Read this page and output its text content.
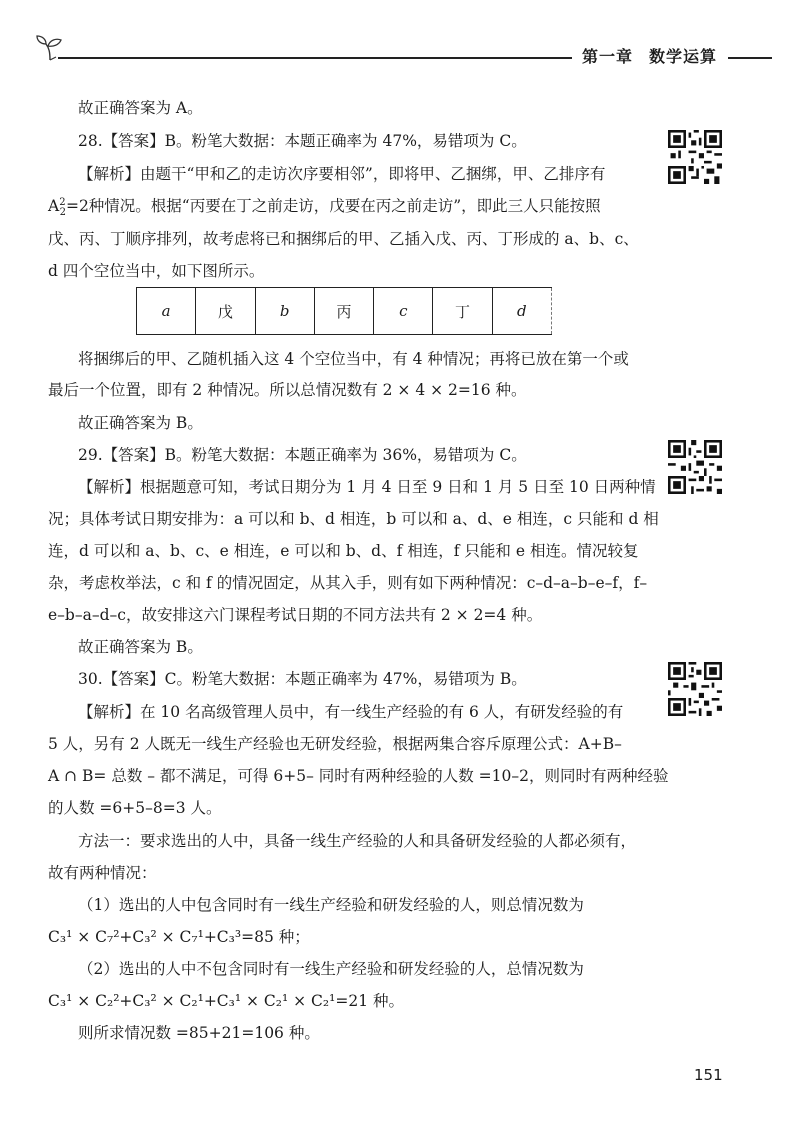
第一章 数学运算
故正确答案为 A。
28.【答案】B。粉笔大数据：本题正确率为 47%，易错项为 C。
【解析】由题干“甲和乙的走访次序要相邻”，即将甲、乙捆绑，甲、乙排序有
$A^2_2=2$种情况。根据“丙要在丁之前走访，戊要在丙之前走访”，即此三人只能按照
戊、丙、丁顺序排列，故考虑将已和捆绑后的甲、乙插入戊、丙、丁形成的 a、b、c、
d 四个空位当中，如下图所示。
a	戊	b	丙	c	丁	d
将捆绑后的甲、乙随机插入这 4 个空位当中，有 4 种情况；再将已放在第一个或
最后一个位置，即有 2 种情况。所以总情况数有 2 × 4 × 2=16 种。
故正确答案为 B。
29.【答案】B。粉笔大数据：本题正确率为 36%，易错项为 C。
【解析】根据题意可知，考试日期分为 1 月 4 日至 9 日和 1 月 5 日至 10 日两种情
况；具体考试日期安排为：a 可以和 b、d 相连，b 可以和 a、d、e 相连，c 只能和 d 相
连，d 可以和 a、b、c、e 相连，e 可以和 b、d、f 相连，f 只能和 e 相连。情况较复
杂，考虑枚举法，c 和 f 的情况固定，从其入手，则有如下两种情况：c–d–a–b–e–f，f–
e–b–a–d–c，故安排这六门课程考试日期的不同方法共有 2 × 2=4 种。
故正确答案为 B。
30.【答案】C。粉笔大数据：本题正确率为 47%，易错项为 B。
【解析】在 10 名高级管理人员中，有一线生产经验的有 6 人，有研发经验的有
5 人，另有 2 人既无一线生产经验也无研发经验，根据两集合容斥原理公式：A+B–
A ∩ B= 总数 – 都不满足，可得 6+5– 同时有两种经验的人数 =10–2，则同时有两种经验
的人数 =6+5–8=3 人。
方法一：要求选出的人中，具备一线生产经验的人和具备研发经验的人都必须有，
故有两种情况：
（1）选出的人中包含同时有一线生产经验和研发经验的人，则总情况数为
C₃¹ × C₇²+C₃² × C₇¹+C₃³=85 种；
（2）选出的人中不包含同时有一线生产经验和研发经验的人，总情况数为
C₃¹ × C₂²+C₃² × C₂¹+C₃¹ × C₂¹ × C₂¹=21 种。
则所求情况数 =85+21=106 种。
151
